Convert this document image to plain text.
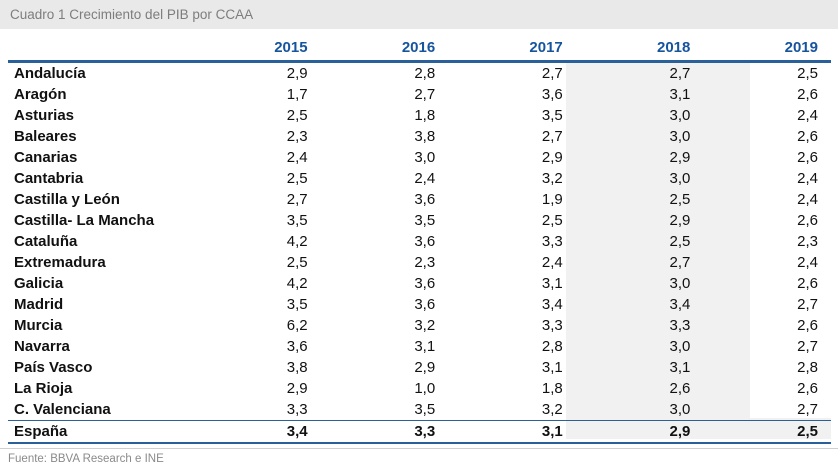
Cuadro 1 Crecimiento del PIB por CCAA
	2015	2016	2017	2018	2019
Andalucía	2,9	2,8	2,7	2,7	2,5
Aragón	1,7	2,7	3,6	3,1	2,6
Asturias	2,5	1,8	3,5	3,0	2,4
Baleares	2,3	3,8	2,7	3,0	2,6
Canarias	2,4	3,0	2,9	2,9	2,6
Cantabria	2,5	2,4	3,2	3,0	2,4
Castilla y León	2,7	3,6	1,9	2,5	2,4
Castilla- La Mancha	3,5	3,5	2,5	2,9	2,6
Cataluña	4,2	3,6	3,3	2,5	2,3
Extremadura	2,5	2,3	2,4	2,7	2,4
Galicia	4,2	3,6	3,1	3,0	2,6
Madrid	3,5	3,6	3,4	3,4	2,7
Murcia	6,2	3,2	3,3	3,3	2,6
Navarra	3,6	3,1	2,8	3,0	2,7
País Vasco	3,8	2,9	3,1	3,1	2,8
La Rioja	2,9	1,0	1,8	2,6	2,6
C. Valenciana	3,3	3,5	3,2	3,0	2,7
España	3,4	3,3	3,1	2,9	2,5
Fuente: BBVA Research e INE
